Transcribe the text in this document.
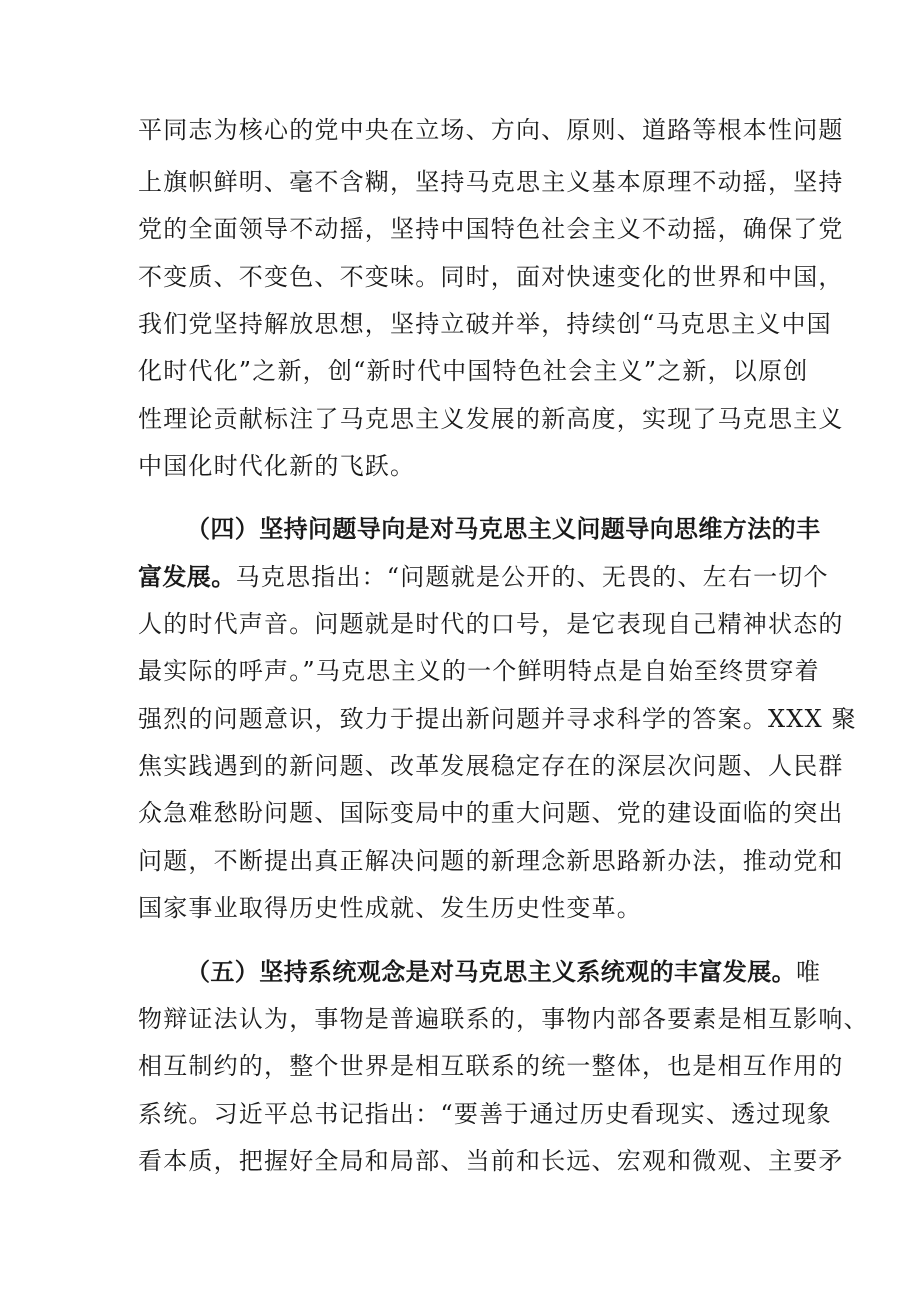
平同志为核心的党中央在立场、方向、原则、道路等根本性问题
上旗帜鲜明、毫不含糊，坚持马克思主义基本原理不动摇，坚持
党的全面领导不动摇，坚持中国特色社会主义不动摇，确保了党
不变质、不变色、不变味。同时，面对快速变化的世界和中国，
我们党坚持解放思想，坚持立破并举，持续创“马克思主义中国
化时代化”之新，创“新时代中国特色社会主义”之新，以原创
性理论贡献标注了马克思主义发展的新高度，实现了马克思主义
中国化时代化新的飞跃。
（四）坚持问题导向是对马克思主义问题导向思维方法的丰
富发展。马克思指出：“问题就是公开的、无畏的、左右一切个
人的时代声音。问题就是时代的口号，是它表现自己精神状态的
最实际的呼声。”马克思主义的一个鲜明特点是自始至终贯穿着
强烈的问题意识，致力于提出新问题并寻求科学的答案。XXX 聚
焦实践遇到的新问题、改革发展稳定存在的深层次问题、人民群
众急难愁盼问题、国际变局中的重大问题、党的建设面临的突出
问题，不断提出真正解决问题的新理念新思路新办法，推动党和
国家事业取得历史性成就、发生历史性变革。
（五）坚持系统观念是对马克思主义系统观的丰富发展。唯
物辩证法认为，事物是普遍联系的，事物内部各要素是相互影响、
相互制约的，整个世界是相互联系的统一整体，也是相互作用的
系统。习近平总书记指出：“要善于通过历史看现实、透过现象
看本质，把握好全局和局部、当前和长远、宏观和微观、主要矛
